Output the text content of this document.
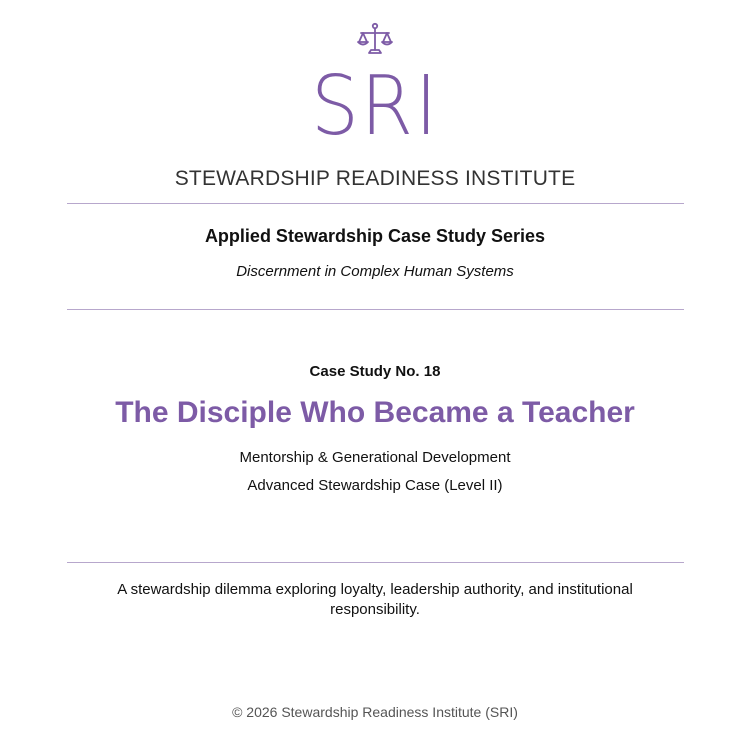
SRI
STEWARDSHIP READINESS INSTITUTE
Applied Stewardship Case Study Series
Discernment in Complex Human Systems
Case Study No. 18
The Disciple Who Became a Teacher
Mentorship & Generational Development
Advanced Stewardship Case (Level II)
A stewardship dilemma exploring loyalty, leadership authority, and institutional responsibility.
© 2026 Stewardship Readiness Institute (SRI)
